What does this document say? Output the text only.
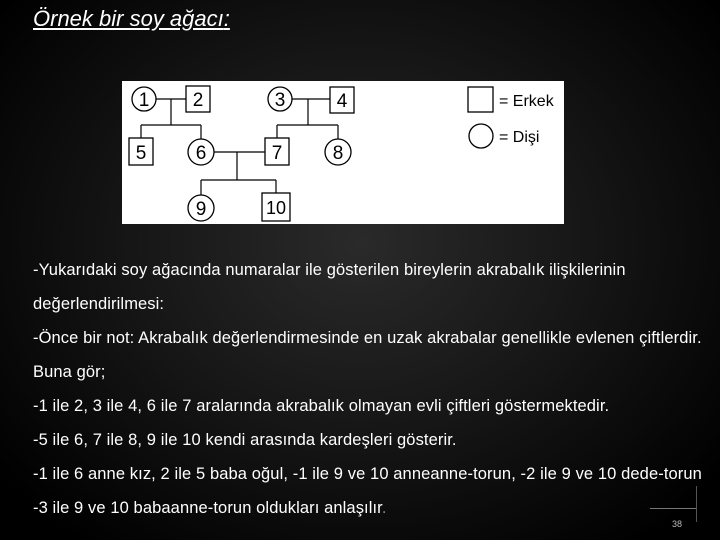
Örnek bir soy ağacı:
1 2	3	4
5	6	7	8
9	10
= Erkek
= Dişi

-Yukarıdaki soy ağacında numaralar ile gösterilen bireylerin akrabalık ilişkilerinin değerlendirilmesi:

-Önce bir not: Akrabalık değerlendirmesinde en uzak akrabalar genellikle evlenen çiftlerdir. Buna gör;

-1 ile 2, 3 ile 4, 6 ile 7 aralarında akrabalık olmayan evli çiftleri göstermektedir.

-5 ile 6, 7 ile 8, 9 ile 10 kendi arasında kardeşleri gösterir.

-1 ile 6 anne kız, 2 ile 5 baba oğul, -1 ile 9 ve 10 anneanne-torun, -2 ile 9 ve 10 dede-torun -3 ile 9 ve 10 babaanne-torun oldukları anlaşılır.

38
